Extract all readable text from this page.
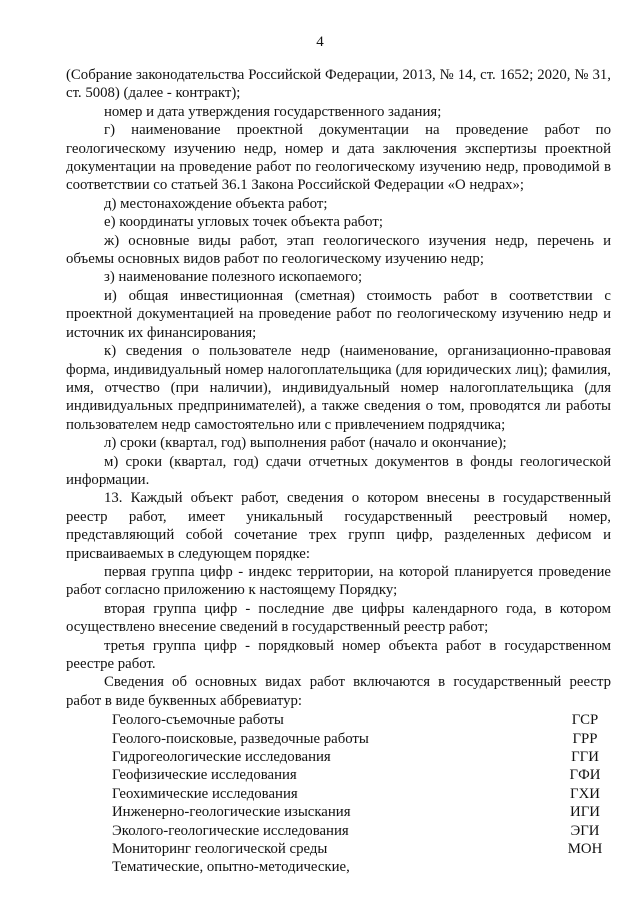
4

(Собрание законодательства Российской Федерации, 2013, № 14, ст. 1652; 2020, № 31, ст. 5008) (далее - контракт);

номер и дата утверждения государственного задания;

г) наименование проектной документации на проведение работ по геологическому изучению недр, номер и дата заключения экспертизы проектной документации на проведение работ по геологическому изучению недр, проводимой в соответствии со статьей 36.1 Закона Российской Федерации «О недрах»;

д) местонахождение объекта работ;

е) координаты угловых точек объекта работ;

ж) основные виды работ, этап геологического изучения недр, перечень и объемы основных видов работ по геологическому изучению недр;

з) наименование полезного ископаемого;

и) общая инвестиционная (сметная) стоимость работ в соответствии с проектной документацией на проведение работ по геологическому изучению недр и источник их финансирования;

к) сведения о пользователе недр (наименование, организационно-правовая форма, индивидуальный номер налогоплательщика (для юридических лиц); фамилия, имя, отчество (при наличии), индивидуальный номер налогоплательщика (для индивидуальных предпринимателей), а также сведения о том, проводятся ли работы пользователем недр самостоятельно или с привлечением подрядчика;

л) сроки (квартал, год) выполнения работ (начало и окончание);

м) сроки (квартал, год) сдачи отчетных документов в фонды геологической информации.

13. Каждый объект работ, сведения о котором внесены в государственный реестр работ, имеет уникальный государственный реестровый номер, представляющий собой сочетание трех групп цифр, разделенных дефисом и присваиваемых в следующем порядке:

первая группа цифр - индекс территории, на которой планируется проведение работ согласно приложению к настоящему Порядку;

вторая группа цифр - последние две цифры календарного года, в котором осуществлено внесение сведений в государственный реестр работ;

третья группа цифр - порядковый номер объекта работ в государственном реестре работ.

Сведения об основных видах работ включаются в государственный реестр работ в виде буквенных аббревиатур:

Геолого-съемочные работы	ГСР
Геолого-поисковые, разведочные работы	ГРР
Гидрогеологические исследования	ГГИ
Геофизические исследования	ГФИ
Геохимические исследования	ГХИ
Инженерно-геологические изыскания	ИГИ
Эколого-геологические исследования	ЭГИ
Мониторинг геологической среды	МОН
Тематические, опытно-методические,
